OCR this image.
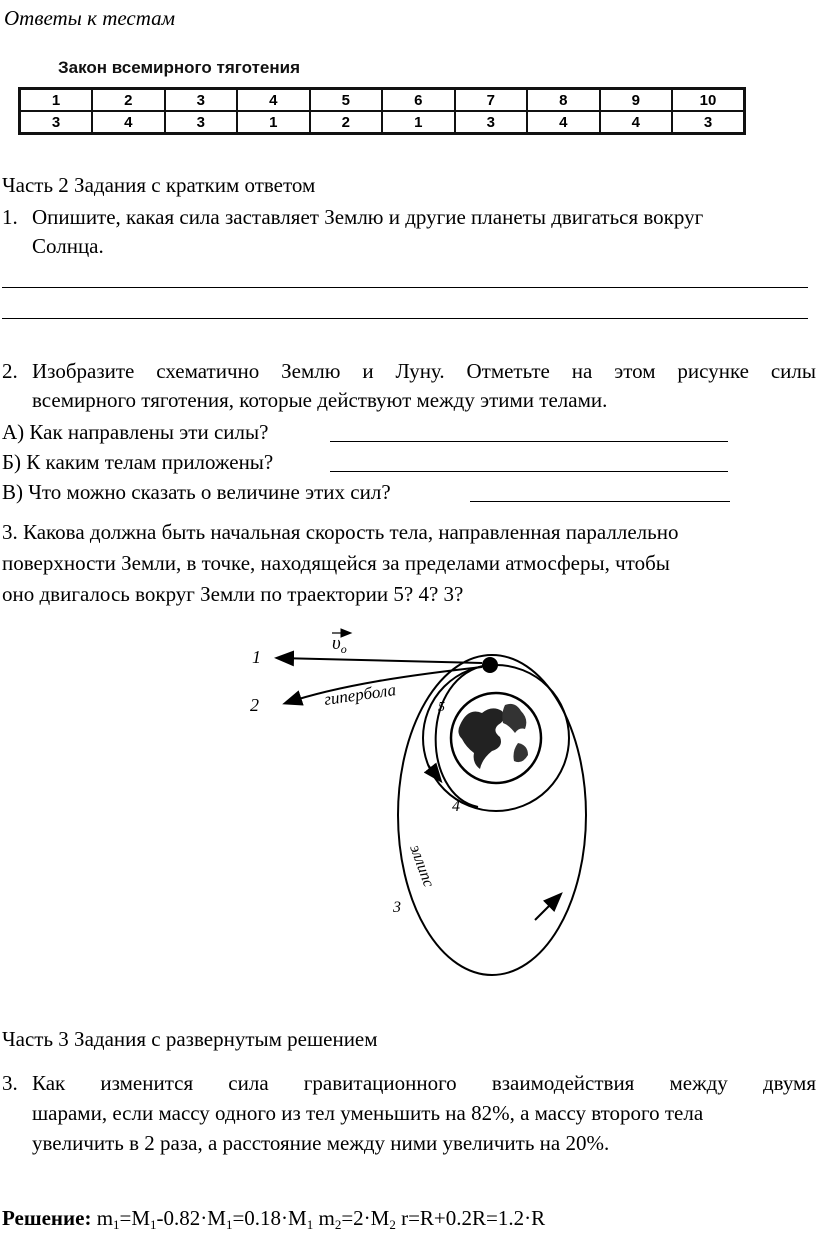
Ответы к тестам
Закон всемирного тяготения
1	2	3	4	5	6	7	8	9	10
3	4	3	1	2	1	3	4	4	3
Часть 2 Задания с кратким ответом
1. Опишите, какая сила заставляет Землю и другие планеты двигаться вокруг
Солнца.
2. Изобразите схематично Землю и Луну. Отметьте на этом рисунке силы
всемирного тяготения, которые действуют между этими телами.
А) Как направлены эти силы?
Б) К каким телам приложены?
В) Что можно сказать о величине этих сил?
3. Какова должна быть начальная скорость тела, направленная параллельно
поверхности Земли, в точке, находящейся за пределами атмосферы, чтобы
оно двигалось вокруг Земли по траектории 5? 4? 3?
1
2
3
4
5
$\upsilon_o$
гипербола
эллипс
Часть 3 Задания с развернутым решением
3. Как изменится сила гравитационного взаимодействия между двумя
шарами, если массу одного из тел уменьшить на 82%, а массу второго тела
увеличить в 2 раза, а расстояние между ними увеличить на 20%.
Решение: $m_1=M_1-0.82\cdot M_1=0.18\cdot M_1$ $m_2=2\cdot M_2$ r=R+0.2R=1.2·R
